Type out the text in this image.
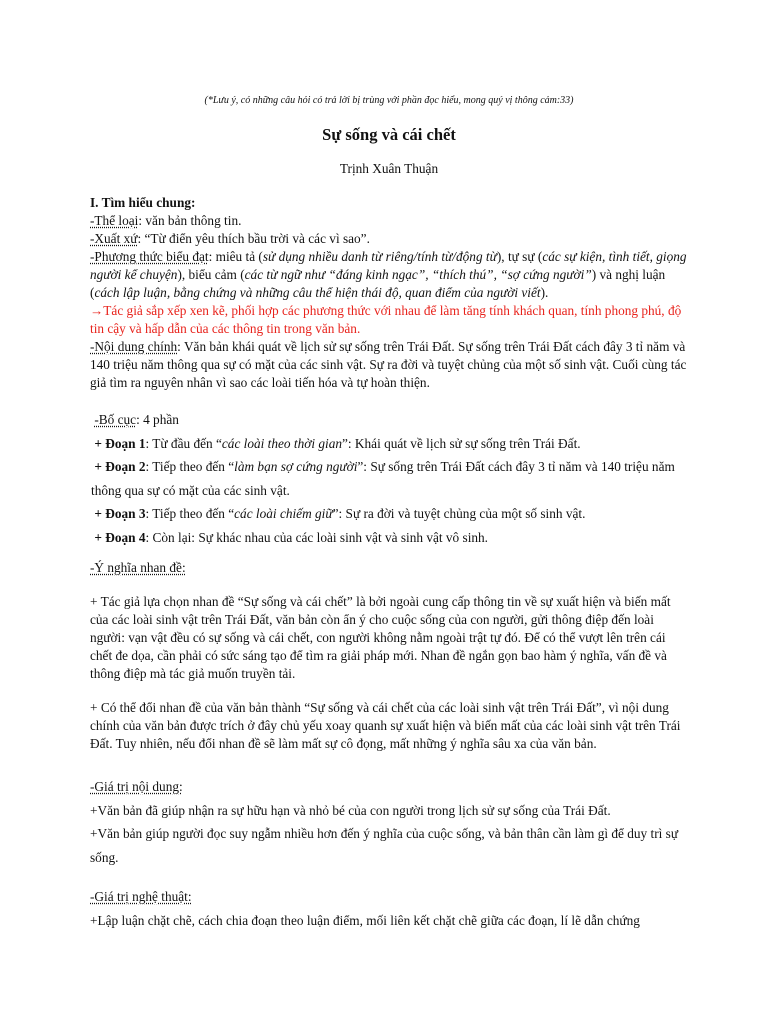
(*Lưu ý, có những câu hỏi có trả lời bị trùng với phần đọc hiểu, mong quý vị thông cảm:33)

Sự sống và cái chết

Trịnh Xuân Thuận

I. Tìm hiểu chung:

-Thể loại: văn bản thông tin.

-Xuất xứ: “Từ điển yêu thích bầu trời và các vì sao”.

-Phương thức biểu đạt: miêu tả (sử dụng nhiều danh từ riêng/tính từ/động từ), tự sự (các sự kiện, tình tiết, giọng người kể chuyện), biểu cảm (các từ ngữ như “đáng kinh ngạc”, “thích thú”, “sợ cứng người”) và nghị luận (cách lập luận, bằng chứng và những câu thể hiện thái độ, quan điểm của người viết).

→Tác giả sắp xếp xen kẽ, phối hợp các phương thức với nhau để làm tăng tính khách quan, tính phong phú, độ tin cậy và hấp dẫn của các thông tin trong văn bản.

-Nội dung chính: Văn bản khái quát về lịch sử sự sống trên Trái Đất. Sự sống trên Trái Đất cách đây 3 tỉ năm và 140 triệu năm thông qua sự có mặt của các sinh vật. Sự ra đời và tuyệt chủng của một số sinh vật. Cuối cùng tác giả tìm ra nguyên nhân vì sao các loài tiến hóa và tự hoàn thiện.

-Bố cục: 4 phần

+ Đoạn 1: Từ đầu đến “các loài theo thời gian”: Khái quát về lịch sử sự sống trên Trái Đất.

+ Đoạn 2: Tiếp theo đến “làm bạn sợ cứng người”: Sự sống trên Trái Đất cách đây 3 tỉ năm và 140 triệu năm thông qua sự có mặt của các sinh vật.

+ Đoạn 3: Tiếp theo đến “các loài chiếm giữ”: Sự ra đời và tuyệt chủng của một số sinh vật.

+ Đoạn 4: Còn lại: Sự khác nhau của các loài sinh vật và sinh vật vô sinh.

-Ý nghĩa nhan đề:

+ Tác giả lựa chọn nhan đề “Sự sống và cái chết” là bởi ngoài cung cấp thông tin về sự xuất hiện và biến mất của các loài sinh vật trên Trái Đất, văn bản còn ẩn ý cho cuộc sống của con người, gửi thông điệp đến loài người: vạn vật đều có sự sống và cái chết, con người không nằm ngoài trật tự đó. Để có thể vượt lên trên cái chết đe dọa, cần phải có sức sáng tạo để tìm ra giải pháp mới. Nhan đề ngắn gọn bao hàm ý nghĩa, vấn đề và thông điệp mà tác giả muốn truyền tải.

+ Có thể đổi nhan đề của văn bản thành “Sự sống và cái chết của các loài sinh vật trên Trái Đất”, vì nội dung chính của văn bản được trích ở đây chủ yếu xoay quanh sự xuất hiện và biến mất của các loài sinh vật trên Trái Đất. Tuy nhiên, nếu đổi nhan đề sẽ làm mất sự cô đọng, mất những ý nghĩa sâu xa của văn bản.

-Giá trị nội dung:

+Văn bản đã giúp nhận ra sự hữu hạn và nhỏ bé của con người trong lịch sử sự sống của Trái Đất.

+Văn bản giúp người đọc suy ngẫm nhiều hơn đến ý nghĩa của cuộc sống, và bản thân cần làm gì để duy trì sự sống.

-Giá trị nghệ thuật:

+Lập luận chặt chẽ, cách chia đoạn theo luận điểm, mối liên kết chặt chẽ giữa các đoạn, lí lẽ dẫn chứng
